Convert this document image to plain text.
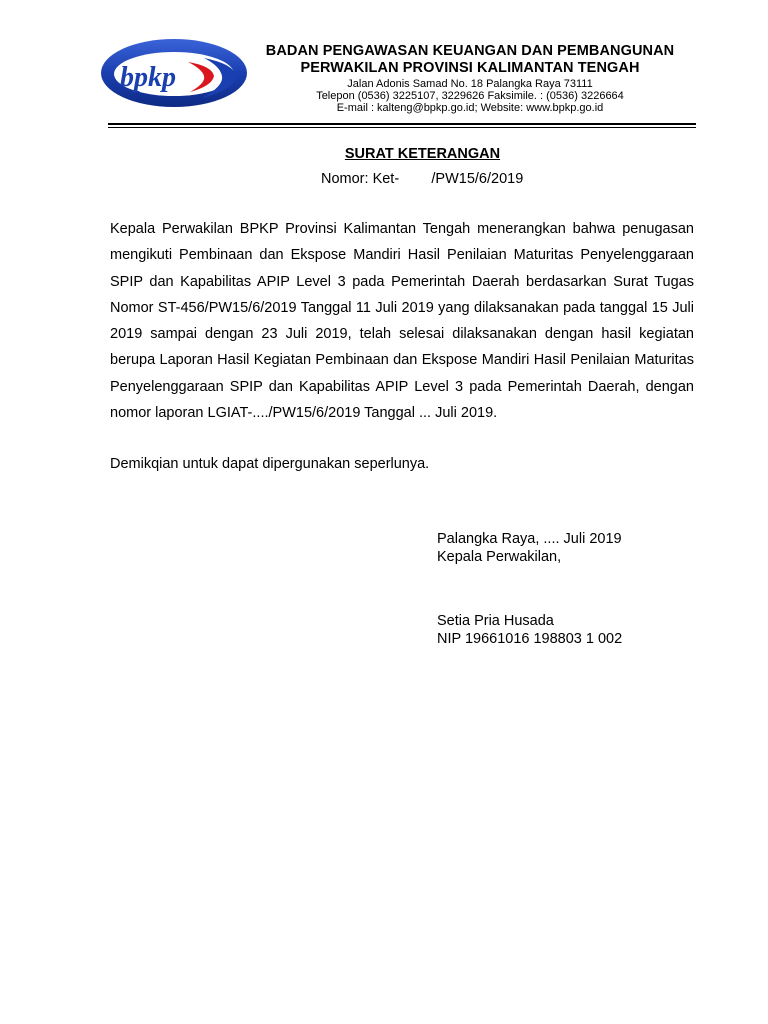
bpkp
BADAN PENGAWASAN KEUANGAN DAN PEMBANGUNAN
PERWAKILAN PROVINSI KALIMANTAN TENGAH
Jalan Adonis Samad No. 18 Palangka Raya 73111
Telepon (0536) 3225107, 3229626 Faksimile. : (0536) 3226664
E-mail : kalteng@bpkp.go.id; Website: www.bpkp.go.id
SURAT KETERANGAN
Nomor: Ket-        /PW15/6/2019

Kepala Perwakilan BPKP Provinsi Kalimantan Tengah menerangkan bahwa penugasan mengikuti Pembinaan dan Ekspose Mandiri Hasil Penilaian Maturitas Penyelenggaraan SPIP dan Kapabilitas APIP Level 3 pada Pemerintah Daerah berdasarkan Surat Tugas Nomor ST-456/PW15/6/2019 Tanggal 11 Juli 2019 yang dilaksanakan pada tanggal 15 Juli 2019 sampai dengan 23 Juli 2019, telah selesai dilaksanakan dengan hasil kegiatan berupa Laporan Hasil Kegiatan Pembinaan dan Ekspose Mandiri Hasil Penilaian Maturitas Penyelenggaraan SPIP dan Kapabilitas APIP Level 3 pada Pemerintah Daerah, dengan nomor laporan LGIAT-..../PW15/6/2019 Tanggal ... Juli 2019.

Demikqian untuk dapat dipergunakan seperlunya.

Palangka Raya, .... Juli 2019
Kepala Perwakilan,
Setia Pria Husada
NIP 19661016 198803 1 002
